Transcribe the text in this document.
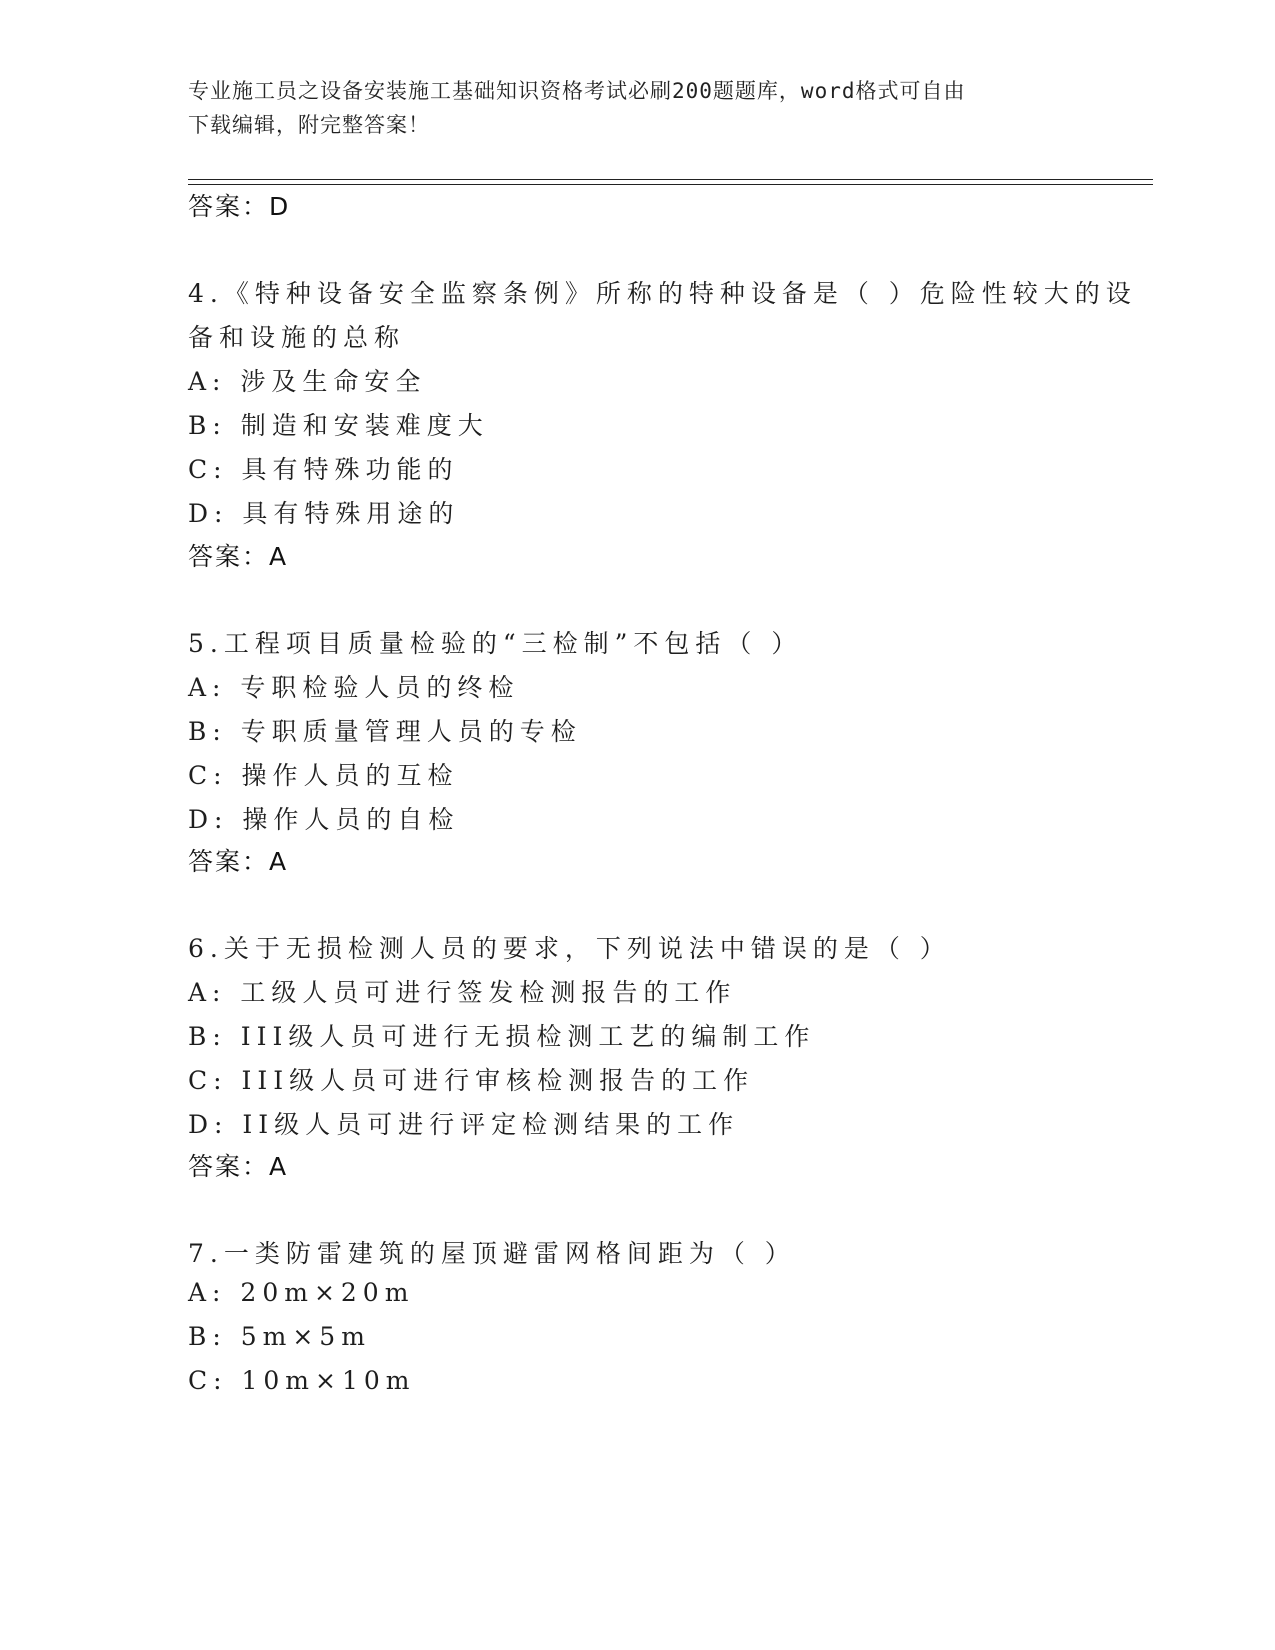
专业施工员之设备安装施工基础知识资格考试必刷200题题库，word格式可自由
下载编辑，附完整答案！
答案：D
4.《特种设备安全监察条例》所称的特种设备是（ ）危险性较大的设
备和设施的总称
A: 涉及生命安全
B: 制造和安装难度大
C: 具有特殊功能的
D: 具有特殊用途的
答案：A
5.工程项目质量检验的“三检制”不包括（ ）
A: 专职检验人员的终检
B: 专职质量管理人员的专检
C: 操作人员的互检
D: 操作人员的自检
答案：A
6.关于无损检测人员的要求，下列说法中错误的是（ ）
A: 工级人员可进行签发检测报告的工作
B: III级人员可进行无损检测工艺的编制工作
C: III级人员可进行审核检测报告的工作
D: II级人员可进行评定检测结果的工作
答案：A
7.一类防雷建筑的屋顶避雷网格间距为（ ）
A: 20m×20m
B: 5m×5m
C: 10m×10m
